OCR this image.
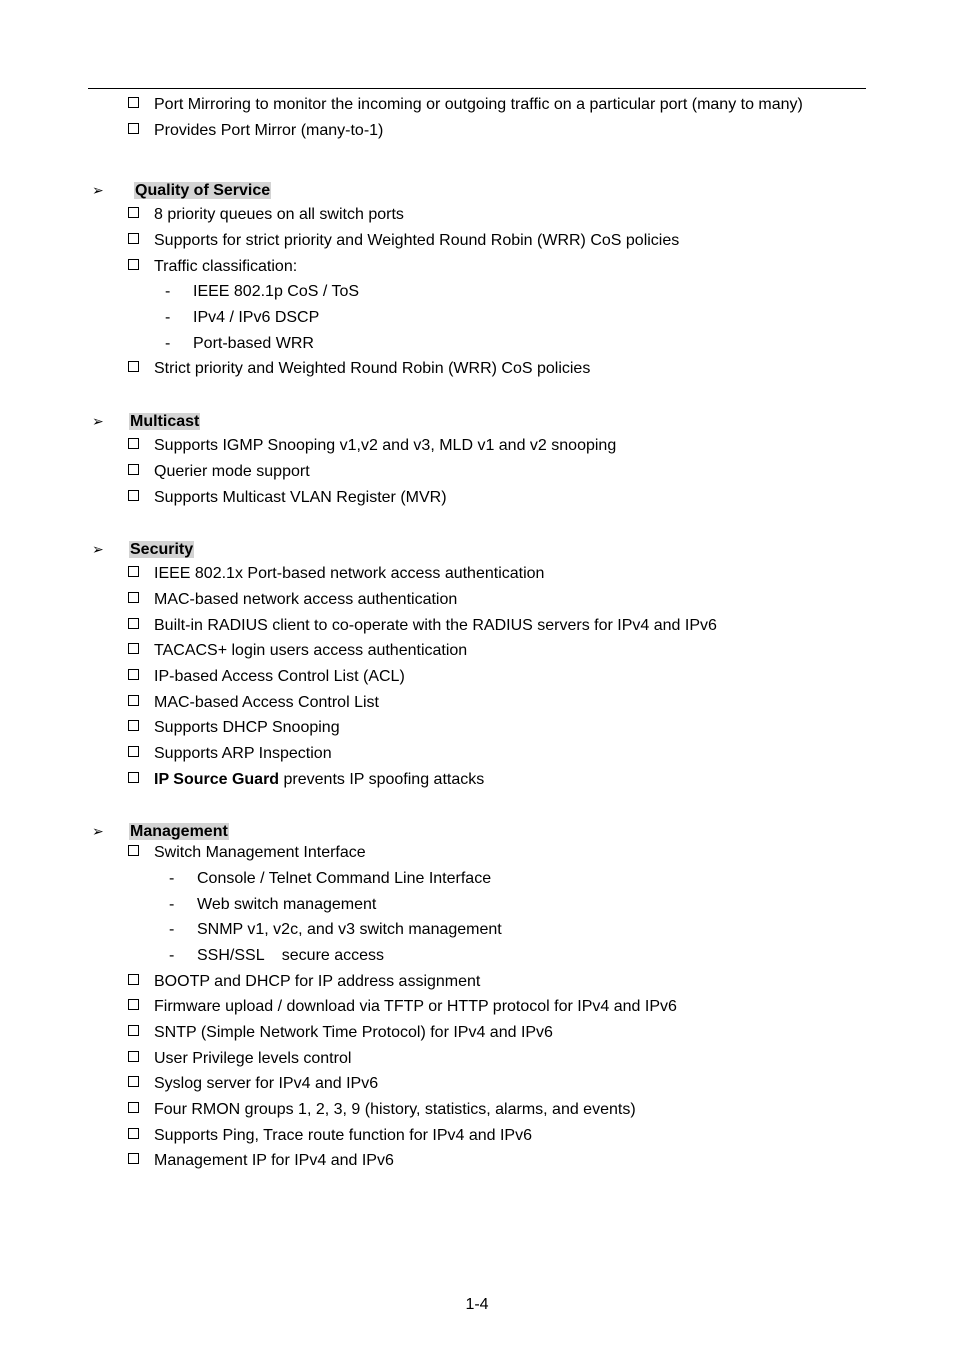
Port Mirroring to monitor the incoming or outgoing traffic on a particular port (many to many)
Provides Port Mirror (many-to-1)
➢ Quality of Service
8 priority queues on all switch ports
Supports for strict priority and Weighted Round Robin (WRR) CoS policies
Traffic classification:
- IEEE 802.1p CoS / ToS
- IPv4 / IPv6 DSCP
- Port-based WRR
Strict priority and Weighted Round Robin (WRR) CoS policies
➢ Multicast
Supports IGMP Snooping v1,v2 and v3, MLD v1 and v2 snooping
Querier mode support
Supports Multicast VLAN Register (MVR)
➢ Security
IEEE 802.1x Port-based network access authentication
MAC-based network access authentication
Built-in RADIUS client to co-operate with the RADIUS servers for IPv4 and IPv6
TACACS+ login users access authentication
IP-based Access Control List (ACL)
MAC-based Access Control List
Supports DHCP Snooping
Supports ARP Inspection
IP Source Guard prevents IP spoofing attacks
➢ Management
Switch Management Interface
- Console / Telnet Command Line Interface
- Web switch management
- SNMP v1, v2c, and v3 switch management
- SSH/SSL    secure access
BOOTP and DHCP for IP address assignment
Firmware upload / download via TFTP or HTTP protocol for IPv4 and IPv6
SNTP (Simple Network Time Protocol) for IPv4 and IPv6
User Privilege levels control
Syslog server for IPv4 and IPv6
Four RMON groups 1, 2, 3, 9 (history, statistics, alarms, and events)
Supports Ping, Trace route function for IPv4 and IPv6
Management IP for IPv4 and IPv6
1-4
